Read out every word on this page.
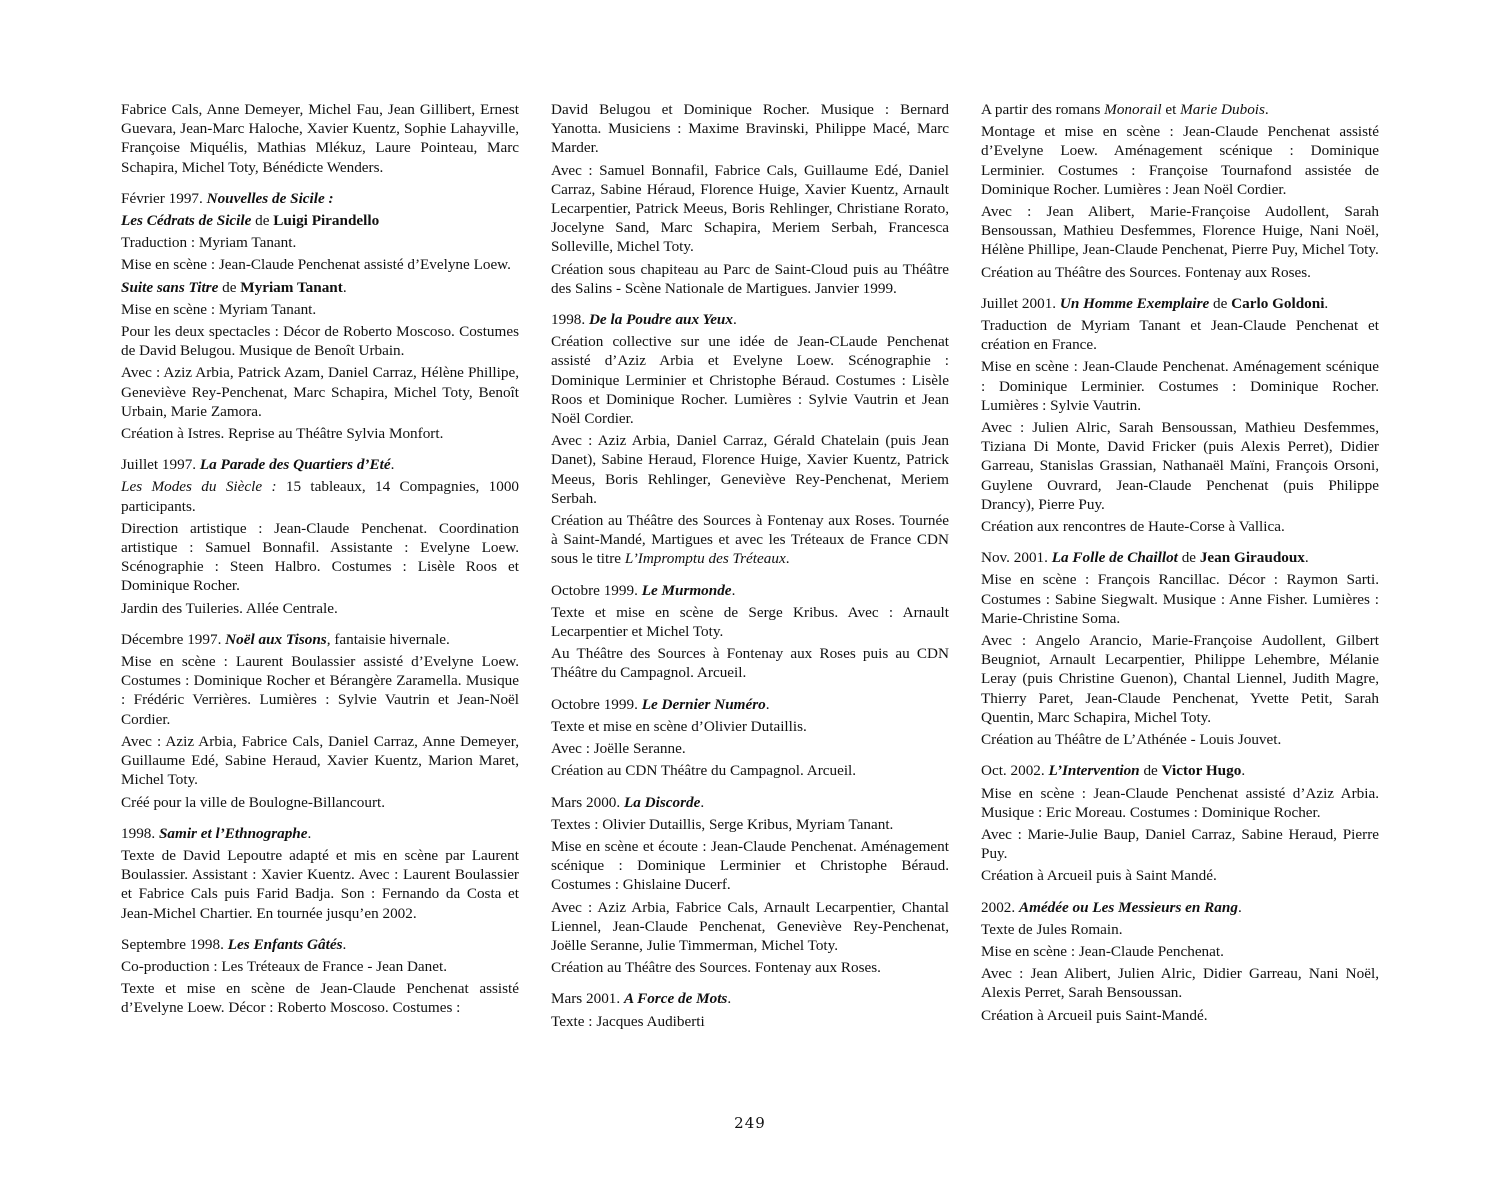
Fabrice Cals, Anne Demeyer, Michel Fau, Jean Gillibert, Ernest Guevara, Jean-Marc Haloche, Xavier Kuentz, Sophie Lahayville, Françoise Miquélis, Mathias Mlékuz, Laure Pointeau, Marc Schapira, Michel Toty, Bénédicte Wenders.

Février 1997. Nouvelles de Sicile :

Les Cédrats de Sicile de Luigi Pirandello

Traduction : Myriam Tanant.

Mise en scène : Jean-Claude Penchenat assisté d’Evelyne Loew.

Suite sans Titre de Myriam Tanant.

Mise en scène : Myriam Tanant.

Pour les deux spectacles : Décor de Roberto Moscoso. Costumes de David Belugou. Musique de Benoît Urbain.

Avec : Aziz Arbia, Patrick Azam, Daniel Carraz, Hélène Phillipe, Geneviève Rey-Penchenat, Marc Schapira, Michel Toty, Benoît Urbain, Marie Zamora.

Création à Istres. Reprise au Théâtre Sylvia Monfort.

Juillet 1997. La Parade des Quartiers d’Eté.

Les Modes du Siècle : 15 tableaux, 14 Compagnies, 1000 participants.

Direction artistique : Jean-Claude Penchenat. Coordination artistique : Samuel Bonnafil. Assistante : Evelyne Loew. Scénographie : Steen Halbro. Costumes : Lisèle Roos et Dominique Rocher.

Jardin des Tuileries. Allée Centrale.

Décembre 1997. Noël aux Tisons, fantaisie hivernale.

Mise en scène : Laurent Boulassier assisté d’Evelyne Loew. Costumes : Dominique Rocher et Bérangère Zaramella. Musique : Frédéric Verrières. Lumières : Sylvie Vautrin et Jean-Noël Cordier.

Avec : Aziz Arbia, Fabrice Cals, Daniel Carraz, Anne Demeyer, Guillaume Edé, Sabine Heraud, Xavier Kuentz, Marion Maret, Michel Toty.

Créé pour la ville de Boulogne-Billancourt.

1998. Samir et l’Ethnographe.

Texte de David Lepoutre adapté et mis en scène par Laurent Boulassier. Assistant : Xavier Kuentz. Avec : Laurent Boulassier et Fabrice Cals puis Farid Badja. Son : Fernando da Costa et Jean-Michel Chartier. En tournée jusqu’en 2002.

Septembre 1998. Les Enfants Gâtés.

Co-production : Les Tréteaux de France - Jean Danet.

Texte et mise en scène de Jean-Claude Penchenat assisté d’Evelyne Loew. Décor : Roberto Moscoso. Costumes :

David Belugou et Dominique Rocher. Musique : Bernard Yanotta. Musiciens : Maxime Bravinski, Philippe Macé, Marc Marder.

Avec : Samuel Bonnafil, Fabrice Cals, Guillaume Edé, Daniel Carraz, Sabine Héraud, Florence Huige, Xavier Kuentz, Arnault Lecarpentier, Patrick Meeus, Boris Rehlinger, Christiane Rorato, Jocelyne Sand, Marc Schapira, Meriem Serbah, Francesca Solleville, Michel Toty.

Création sous chapiteau au Parc de Saint-Cloud puis au Théâtre des Salins - Scène Nationale de Martigues. Janvier 1999.

1998. De la Poudre aux Yeux.

Création collective sur une idée de Jean-CLaude Penchenat assisté d’Aziz Arbia et Evelyne Loew. Scénographie : Dominique Lerminier et Christophe Béraud. Costumes : Lisèle Roos et Dominique Rocher. Lumières : Sylvie Vautrin et Jean Noël Cordier.

Avec : Aziz Arbia, Daniel Carraz, Gérald Chatelain (puis Jean Danet), Sabine Heraud, Florence Huige, Xavier Kuentz, Patrick Meeus, Boris Rehlinger, Geneviève Rey-Penchenat, Meriem Serbah.

Création au Théâtre des Sources à Fontenay aux Roses. Tournée à Saint-Mandé, Martigues et avec les Tréteaux de France CDN sous le titre L’Impromptu des Tréteaux.

Octobre 1999. Le Murmonde.

Texte et mise en scène de Serge Kribus. Avec : Arnault Lecarpentier et Michel Toty.

Au Théâtre des Sources à Fontenay aux Roses puis au CDN Théâtre du Campagnol. Arcueil.

Octobre 1999. Le Dernier Numéro.

Texte et mise en scène d’Olivier Dutaillis.

Avec : Joëlle Seranne.

Création au CDN Théâtre du Campagnol. Arcueil.

Mars 2000. La Discorde.

Textes : Olivier Dutaillis, Serge Kribus, Myriam Tanant.

Mise en scène et écoute : Jean-Claude Penchenat. Aménagement scénique : Dominique Lerminier et Christophe Béraud. Costumes : Ghislaine Ducerf.

Avec : Aziz Arbia, Fabrice Cals, Arnault Lecarpentier, Chantal Liennel, Jean-Claude Penchenat, Geneviève Rey-Penchenat, Joëlle Seranne, Julie Timmerman, Michel Toty.

Création au Théâtre des Sources. Fontenay aux Roses.

Mars 2001. A Force de Mots.

Texte : Jacques Audiberti

A partir des romans Monorail et Marie Dubois.

Montage et mise en scène : Jean-Claude Penchenat assisté d’Evelyne Loew. Aménagement scénique : Dominique Lerminier. Costumes : Françoise Tournafond assistée de Dominique Rocher. Lumières : Jean Noël Cordier.

Avec : Jean Alibert, Marie-Françoise Audollent, Sarah Bensoussan, Mathieu Desfemmes, Florence Huige, Nani Noël, Hélène Phillipe, Jean-Claude Penchenat, Pierre Puy, Michel Toty.

Création au Théâtre des Sources. Fontenay aux Roses.

Juillet 2001. Un Homme Exemplaire de Carlo Goldoni.

Traduction de Myriam Tanant et Jean-Claude Penchenat et création en France.

Mise en scène : Jean-Claude Penchenat. Aménagement scénique : Dominique Lerminier. Costumes : Dominique Rocher. Lumières : Sylvie Vautrin.

Avec : Julien Alric, Sarah Bensoussan, Mathieu Desfemmes, Tiziana Di Monte, David Fricker (puis Alexis Perret), Didier Garreau, Stanislas Grassian, Nathanaël Maïni, François Orsoni, Guylene Ouvrard, Jean-Claude Penchenat (puis Philippe Drancy), Pierre Puy.

Création aux rencontres de Haute-Corse à Vallica.

Nov. 2001. La Folle de Chaillot de Jean Giraudoux.

Mise en scène : François Rancillac. Décor : Raymon Sarti. Costumes : Sabine Siegwalt. Musique : Anne Fisher. Lumières : Marie-Christine Soma.

Avec : Angelo Arancio, Marie-Françoise Audollent, Gilbert Beugniot, Arnault Lecarpentier, Philippe Lehembre, Mélanie Leray (puis Christine Guenon), Chantal Liennel, Judith Magre, Thierry Paret, Jean-Claude Penchenat, Yvette Petit, Sarah Quentin, Marc Schapira, Michel Toty.

Création au Théâtre de L’Athénée - Louis Jouvet.

Oct. 2002. L’Intervention de Victor Hugo.

Mise en scène : Jean-Claude Penchenat assisté d’Aziz Arbia. Musique : Eric Moreau. Costumes : Dominique Rocher.

Avec : Marie-Julie Baup, Daniel Carraz, Sabine Heraud, Pierre Puy.

Création à Arcueil puis à Saint Mandé.

2002. Amédée ou Les Messieurs en Rang.

Texte de Jules Romain.

Mise en scène : Jean-Claude Penchenat.

Avec : Jean Alibert, Julien Alric, Didier Garreau, Nani Noël, Alexis Perret, Sarah Bensoussan.

Création à Arcueil puis Saint-Mandé.

249
